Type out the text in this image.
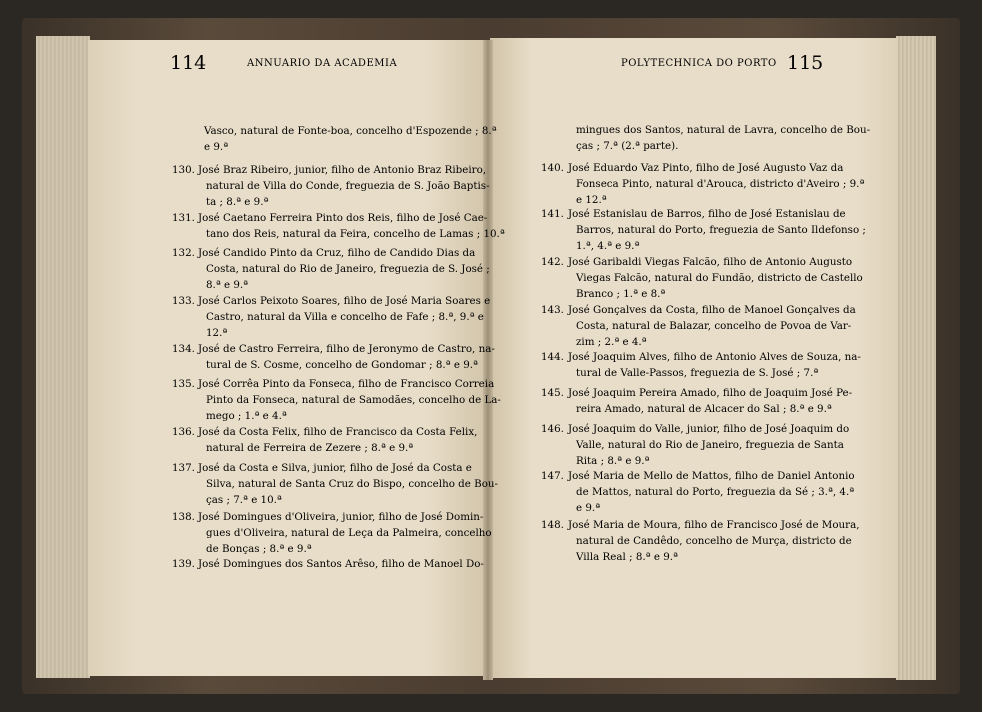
114	ANNUARIO DA ACADEMIA	POLYTECHNICA DO PORTO 115
Vasco, natural de Fonte-boa, concelho d'Espozende ; 8.ª
e 9.ª
mingues dos Santos, natural de Lavra, concelho de Bou-
ças ; 7.ª (2.ª parte).
130. José Braz Ribeiro, junior, filho de Antonio Braz Ribeiro,
natural de Villa do Conde, freguezia de S. João Baptis-
ta ; 8.ª e 9.ª
131. José Caetano Ferreira Pinto dos Reis, filho de José Cae-
tano dos Reis, natural da Feira, concelho de Lamas ; 10.ª
132. José Candido Pinto da Cruz, filho de Candido Dias da
Costa, natural do Rio de Janeiro, freguezia de S. José ;
8.ª e 9.ª
133. José Carlos Peixoto Soares, filho de José Maria Soares e
Castro, natural da Villa e concelho de Fafe ; 8.ª, 9.ª e
12.ª
134. José de Castro Ferreira, filho de Jeronymo de Castro, na-
tural de S. Cosme, concelho de Gondomar ; 8.ª e 9.ª
135. José Corrêa Pinto da Fonseca, filho de Francisco Correia
Pinto da Fonseca, natural de Samodães, concelho de La-
mego ; 1.ª e 4.ª
136. José da Costa Felix, filho de Francisco da Costa Felix,
natural de Ferreira de Zezere ; 8.ª e 9.ª
137. José da Costa e Silva, junior, filho de José da Costa e
Silva, natural de Santa Cruz do Bispo, concelho de Bou-
ças ; 7.ª e 10.ª
138. José Domingues d'Oliveira, junior, filho de José Domin-
gues d'Oliveira, natural de Leça da Palmeira, concelho
de Bonças ; 8.ª e 9.ª
139. José Domingues dos Santos Arêso, filho de Manoel Do-
140. José Eduardo Vaz Pinto, filho de José Augusto Vaz da
Fonseca Pinto, natural d'Arouca, districto d'Aveiro ; 9.ª
e 12.ª
141. José Estanislau de Barros, filho de José Estanislau de
Barros, natural do Porto, freguezia de Santo Ildefonso ;
1.ª, 4.ª e 9.ª
142. José Garibaldi Viegas Falcão, filho de Antonio Augusto
Viegas Falcão, natural do Fundão, districto de Castello
Branco ; 1.ª e 8.ª
143. José Gonçalves da Costa, filho de Manoel Gonçalves da
Costa, natural de Balazar, concelho de Povoa de Var-
zim ; 2.ª e 4.ª
144. José Joaquim Alves, filho de Antonio Alves de Souza, na-
tural de Valle-Passos, freguezia de S. José ; 7.ª
145. José Joaquim Pereira Amado, filho de Joaquim José Pe-
reira Amado, natural de Alcacer do Sal ; 8.ª e 9.ª
146. José Joaquim do Valle, junior, filho de José Joaquim do
Valle, natural do Rio de Janeiro, freguezia de Santa
Rita ; 8.ª e 9.ª
147. José Maria de Mello de Mattos, filho de Daniel Antonio
de Mattos, natural do Porto, freguezia da Sé ; 3.ª, 4.ª
e 9.ª
148. José Maria de Moura, filho de Francisco José de Moura,
natural de Candêdo, concelho de Murça, districto de
Villa Real ; 8.ª e 9.ª
